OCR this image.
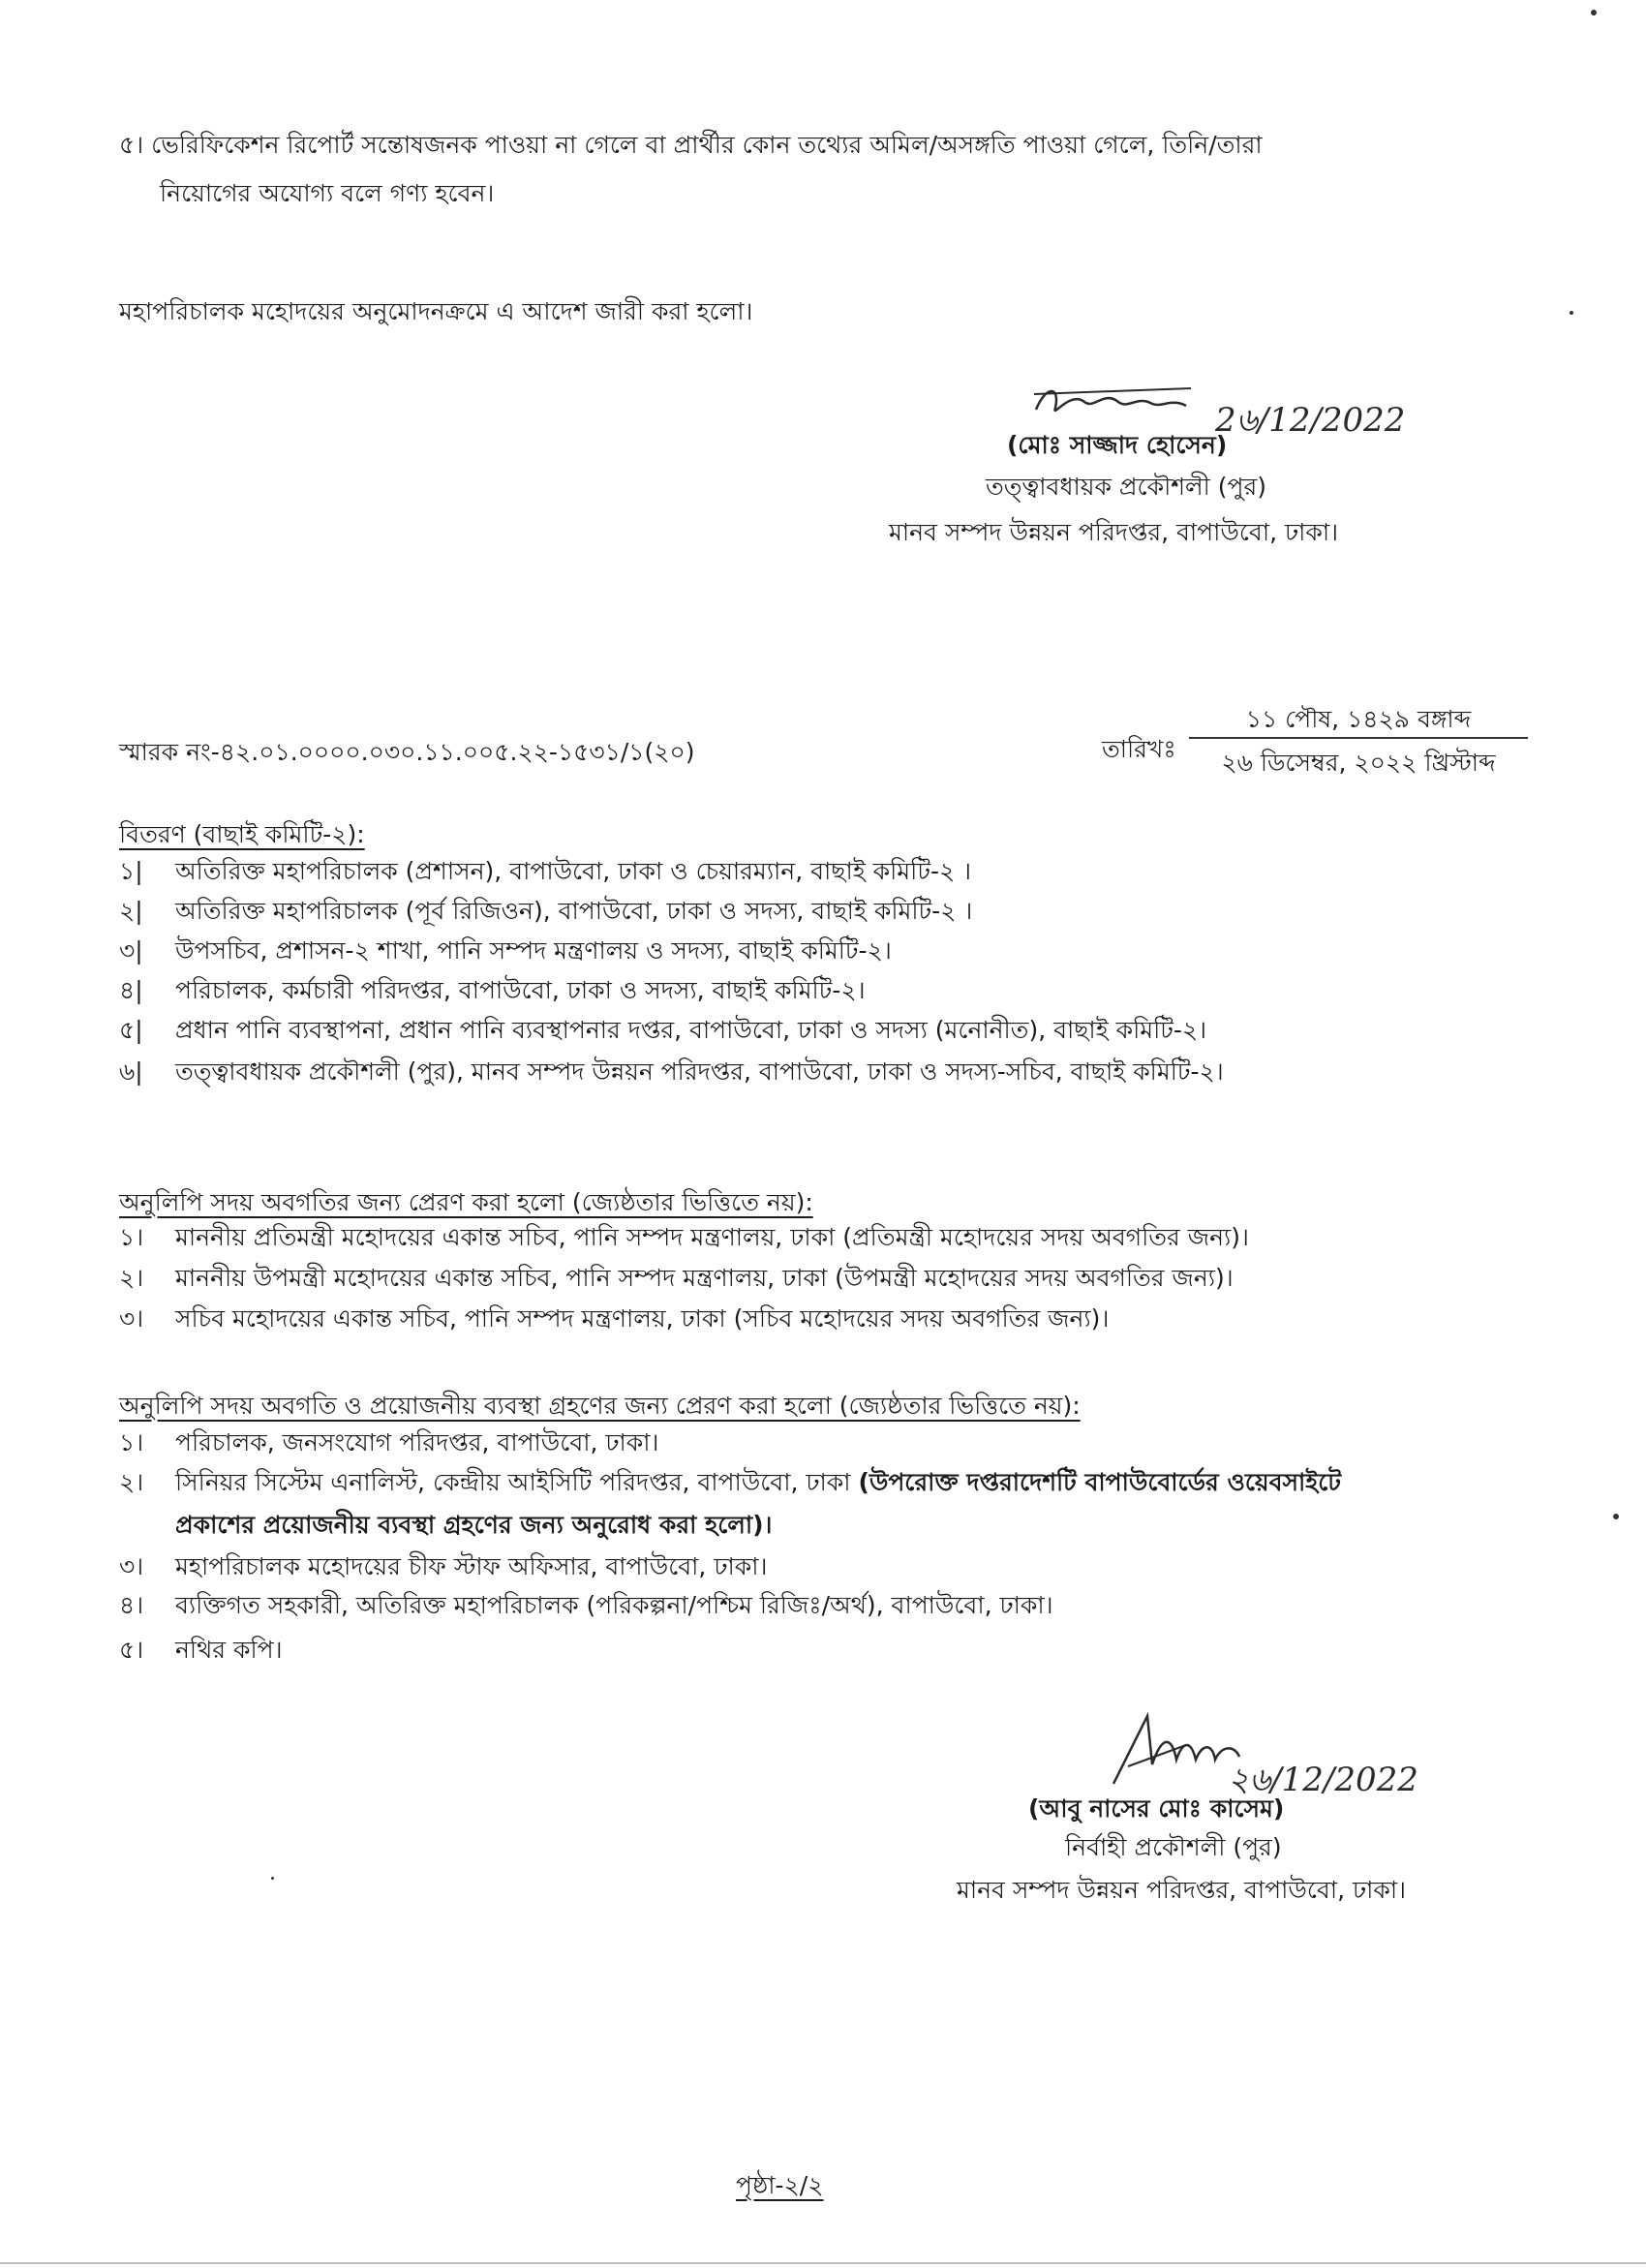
৫। ভেরিফিকেশন রিপোর্ট সন্তোষজনক পাওয়া না গেলে বা প্রার্থীর কোন তথ্যের অমিল/অসঙ্গতি পাওয়া গেলে, তিনি/তারা
নিয়োগের অযোগ্য বলে গণ্য হবেন।
মহাপরিচালক মহোদয়ের অনুমোদনক্রমে এ আদেশ জারী করা হলো।
2৬/12/2022
(মোঃ সাজ্জাদ হোসেন)
তত্ত্বাবধায়ক প্রকৌশলী (পুর)
মানব সম্পদ উন্নয়ন পরিদপ্তর, বাপাউবো, ঢাকা।
স্মারক নং-৪২.০১.০০০০.০৩০.১১.০০৫.২২-১৫৩১/১(২০)	তারিখঃ
১১ পৌষ, ১৪২৯ বঙ্গাব্দ
২৬ ডিসেম্বর, ২০২২ খ্রিস্টাব্দ
বিতরণ (বাছাই কমিটি-২):
১|	অতিরিক্ত মহাপরিচালক (প্রশাসন), বাপাউবো, ঢাকা ও চেয়ারম্যান, বাছাই কমিটি-২ ।
২|	অতিরিক্ত মহাপরিচালক (পূর্ব রিজিওন), বাপাউবো, ঢাকা ও সদস্য, বাছাই কমিটি-২ ।
৩|	উপসচিব, প্রশাসন-২ শাখা, পানি সম্পদ মন্ত্রণালয় ও সদস্য, বাছাই কমিটি-২।
৪|	পরিচালক, কর্মচারী পরিদপ্তর, বাপাউবো, ঢাকা ও সদস্য, বাছাই কমিটি-২।
৫|	প্রধান পানি ব্যবস্থাপনা, প্রধান পানি ব্যবস্থাপনার দপ্তর, বাপাউবো, ঢাকা ও সদস্য (মনোনীত), বাছাই কমিটি-২।
৬|	তত্ত্বাবধায়ক প্রকৌশলী (পুর), মানব সম্পদ উন্নয়ন পরিদপ্তর, বাপাউবো, ঢাকা ও সদস্য-সচিব, বাছাই কমিটি-২।
অনুলিপি সদয় অবগতির জন্য প্রেরণ করা হলো (জ্যেষ্ঠতার ভিত্তিতে নয়):
১।	মাননীয় প্রতিমন্ত্রী মহোদয়ের একান্ত সচিব, পানি সম্পদ মন্ত্রণালয়, ঢাকা (প্রতিমন্ত্রী মহোদয়ের সদয় অবগতির জন্য)।
২।	মাননীয় উপমন্ত্রী মহোদয়ের একান্ত সচিব, পানি সম্পদ মন্ত্রণালয়, ঢাকা (উপমন্ত্রী মহোদয়ের সদয় অবগতির জন্য)।
৩।	সচিব মহোদয়ের একান্ত সচিব, পানি সম্পদ মন্ত্রণালয়, ঢাকা (সচিব মহোদয়ের সদয় অবগতির জন্য)।
অনুলিপি সদয় অবগতি ও প্রয়োজনীয় ব্যবস্থা গ্রহণের জন্য প্রেরণ করা হলো (জ্যেষ্ঠতার ভিত্তিতে নয়):
১।	পরিচালক, জনসংযোগ পরিদপ্তর, বাপাউবো, ঢাকা।
২।	সিনিয়র সিস্টেম এনালিস্ট, কেন্দ্রীয় আইসিটি পরিদপ্তর, বাপাউবো, ঢাকা (উপরোক্ত দপ্তরাদেশটি বাপাউবোর্ডের ওয়েবসাইটে
প্রকাশের প্রয়োজনীয় ব্যবস্থা গ্রহণের জন্য অনুরোধ করা হলো)।
৩।	মহাপরিচালক মহোদয়ের চীফ স্টাফ অফিসার, বাপাউবো, ঢাকা।
৪।	ব্যক্তিগত সহকারী, অতিরিক্ত মহাপরিচালক (পরিকল্পনা/পশ্চিম রিজিঃ/অর্থ), বাপাউবো, ঢাকা।
৫।	নথির কপি।
২৬/12/2022
(আবু নাসের মোঃ কাসেম)
নির্বাহী প্রকৌশলী (পুর)
মানব সম্পদ উন্নয়ন পরিদপ্তর, বাপাউবো, ঢাকা।
পৃষ্ঠা-২/২
